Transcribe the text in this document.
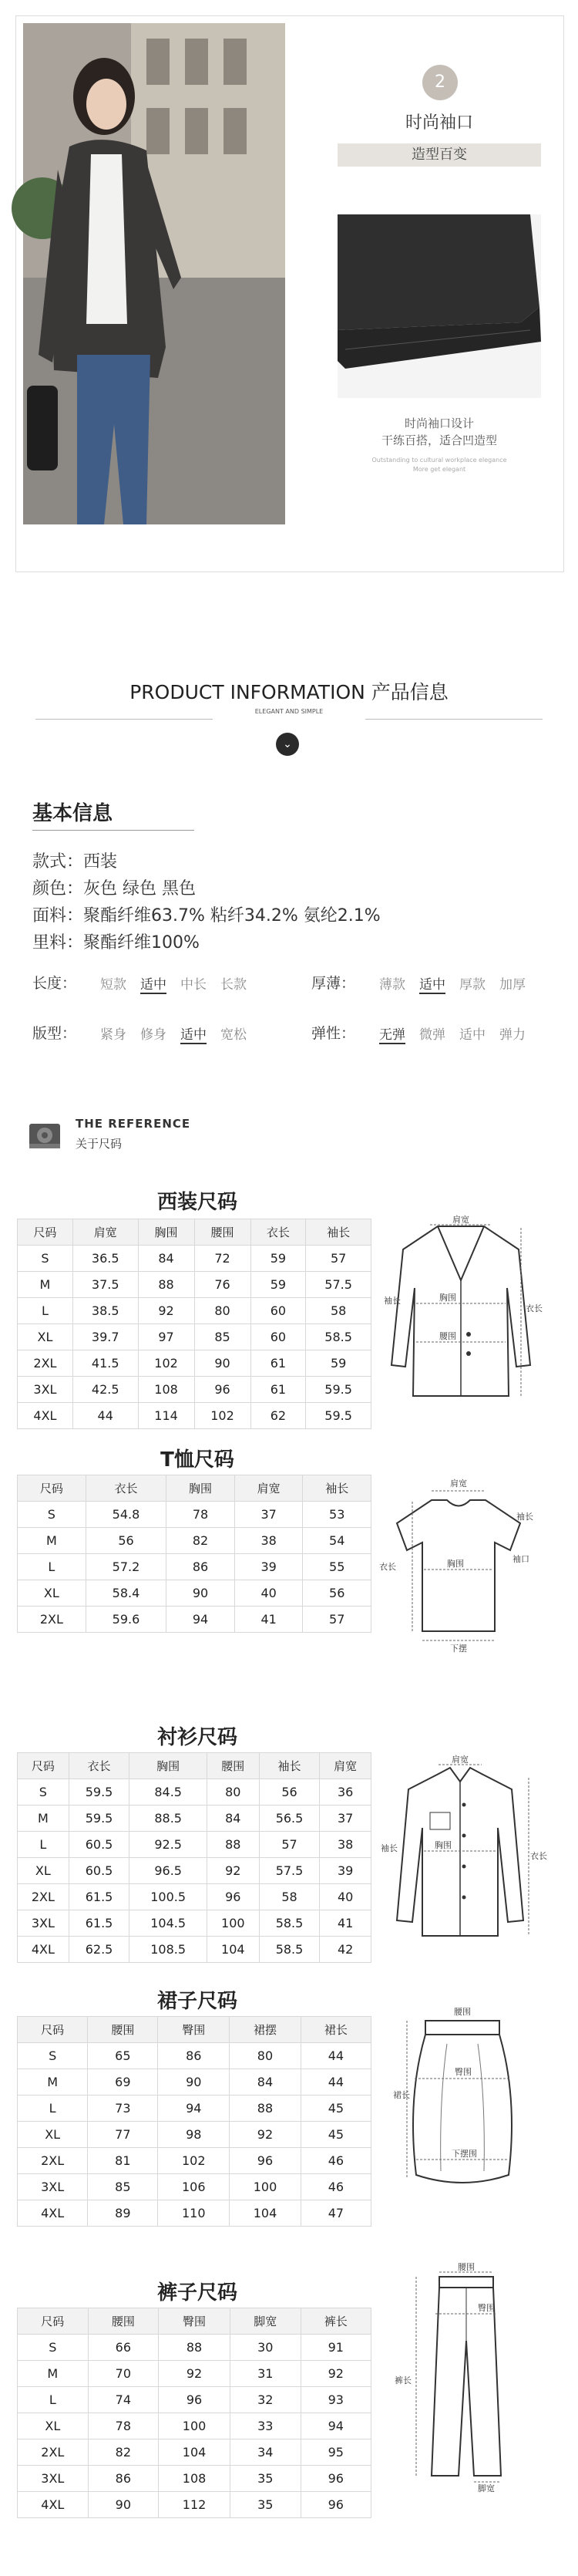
2
时尚袖口
造型百变
时尚袖口设计
干练百搭，适合凹造型
Outstanding to cultural workplace elegance
More get elegant
PRODUCT INFORMATION 产品信息
ELEGANT AND SIMPLE
⌄
基本信息
款式：西装
颜色：灰色 绿色 黑色
面料：聚酯纤维63.7% 粘纤34.2% 氨纶2.1%
里料：聚酯纤维100%
长度： 短款 适中 中长 长款	厚薄： 薄款 适中 厚款 加厚
版型： 紧身 修身 适中 宽松	弹性： 无弹 微弹 适中 弹力
THE REFERENCE
关于尺码
西装尺码
尺码	肩宽	胸围	腰围	衣长	袖长
S	36.5	84	72	59	57
M	37.5	88	76	59	57.5
L	38.5	92	80	60	58
XL	39.7	97	85	60	58.5
2XL	41.5	102	90	61	59
3XL	42.5	108	96	61	59.5
4XL	44	114	102	62	59.5
T恤尺码
尺码	衣长	胸围	肩宽	袖长
S	54.8	78	37	53
M	56	82	38	54
L	57.2	86	39	55
XL	58.4	90	40	56
2XL	59.6	94	41	57
衬衫尺码
尺码	衣长	胸围	腰围	袖长	肩宽
S	59.5	84.5	80	56	36
M	59.5	88.5	84	56.5	37
L	60.5	92.5	88	57	38
XL	60.5	96.5	92	57.5	39
2XL	61.5	100.5	96	58	40
3XL	61.5	104.5	100	58.5	41
4XL	62.5	108.5	104	58.5	42
裙子尺码
尺码	腰围	臀围	裙摆	裙长
S	65	86	80	44
M	69	90	84	44
L	73	94	88	45
XL	77	98	92	45
2XL	81	102	96	46
3XL	85	106	100	46
4XL	89	110	104	47
裤子尺码
尺码	腰围	臀围	脚宽	裤长
S	66	88	30	91
M	70	92	31	92
L	74	96	32	93
XL	78	100	33	94
2XL	82	104	34	95
3XL	86	108	35	96
4XL	90	112	35	96
肩宽
胸围
腰围
衣长
袖长
肩宽
胸围
衣长
袖长
袖口
下摆
肩宽
胸围
衣长
袖长
腰围
臀围
裙长
下摆围
腰围
臀围
裤长
脚宽
